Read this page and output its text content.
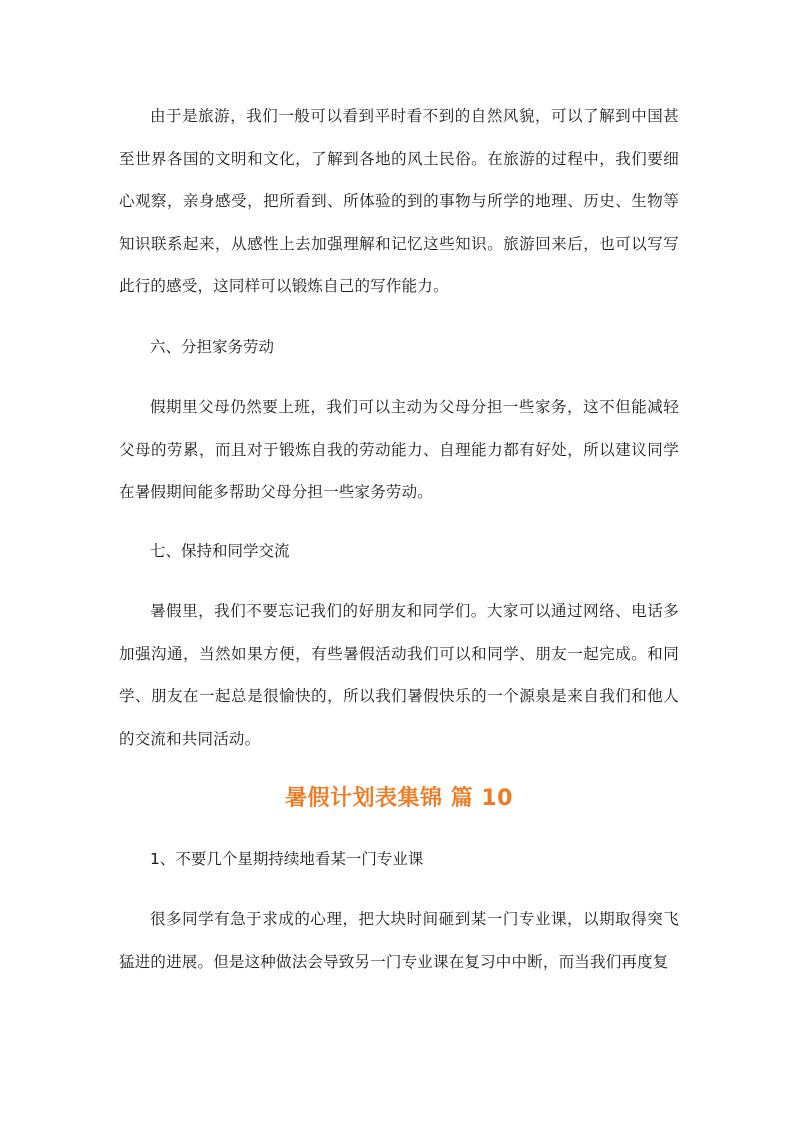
由于是旅游，我们一般可以看到平时看不到的自然风貌，可以了解到中国甚至世界各国的文明和文化，了解到各地的风土民俗。在旅游的过程中，我们要细心观察，亲身感受，把所看到、所体验的到的事物与所学的地理、历史、生物等知识联系起来，从感性上去加强理解和记忆这些知识。旅游回来后，也可以写写此行的感受，这同样可以锻炼自己的写作能力。

六、分担家务劳动

假期里父母仍然要上班，我们可以主动为父母分担一些家务，这不但能减轻父母的劳累，而且对于锻炼自我的劳动能力、自理能力都有好处，所以建议同学在暑假期间能多帮助父母分担一些家务劳动。

七、保持和同学交流

暑假里，我们不要忘记我们的好朋友和同学们。大家可以通过网络、电话多加强沟通，当然如果方便，有些暑假活动我们可以和同学、朋友一起完成。和同学、朋友在一起总是很愉快的，所以我们暑假快乐的一个源泉是来自我们和他人的交流和共同活动。

暑假计划表集锦 篇 10

1、不要几个星期持续地看某一门专业课

很多同学有急于求成的心理，把大块时间砸到某一门专业课，以期取得突飞猛进的进展。但是这种做法会导致另一门专业课在复习中中断，而当我们再度复
